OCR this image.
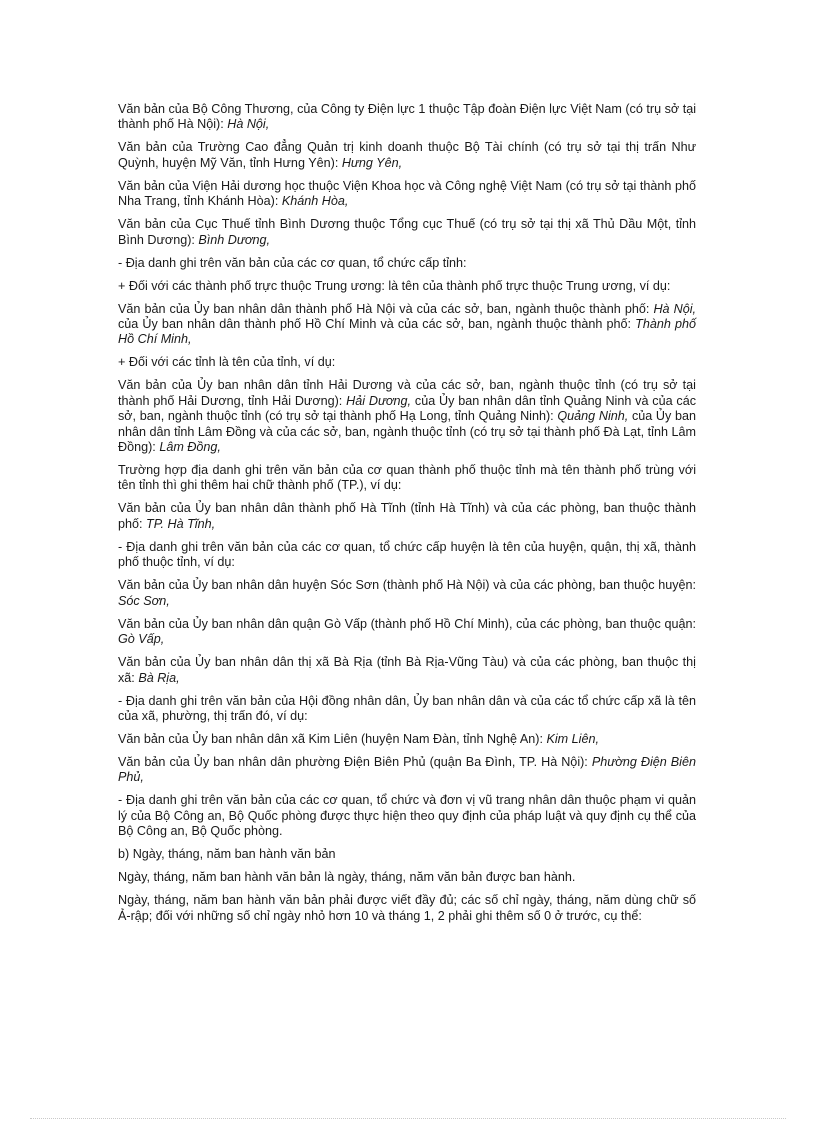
Văn bản của Bộ Công Thương, của Công ty Điện lực 1 thuộc Tập đoàn Điện lực Việt Nam (có trụ sở tại thành phố Hà Nội): Hà Nội,

Văn bản của Trường Cao đẳng Quản trị kinh doanh thuộc Bộ Tài chính (có trụ sở tại thị trấn Như Quỳnh, huyện Mỹ Văn, tỉnh Hưng Yên): Hưng Yên,

Văn bản của Viện Hải dương học thuộc Viện Khoa học và Công nghệ Việt Nam (có trụ sở tại thành phố Nha Trang, tỉnh Khánh Hòa): Khánh Hòa,

Văn bản của Cục Thuế tỉnh Bình Dương thuộc Tổng cục Thuế (có trụ sở tại thị xã Thủ Dầu Một, tỉnh Bình Dương): Bình Dương,

- Địa danh ghi trên văn bản của các cơ quan, tổ chức cấp tỉnh:

+ Đối với các thành phố trực thuộc Trung ương: là tên của thành phố trực thuộc Trung ương, ví dụ:

Văn bản của Ủy ban nhân dân thành phố Hà Nội và của các sở, ban, ngành thuộc thành phố: Hà Nội, của Ủy ban nhân dân thành phố Hồ Chí Minh và của các sở, ban, ngành thuộc thành phố: Thành phố Hồ Chí Minh,

+ Đối với các tỉnh là tên của tỉnh, ví dụ:

Văn bản của Ủy ban nhân dân tỉnh Hải Dương và của các sở, ban, ngành thuộc tỉnh (có trụ sở tại thành phố Hải Dương, tỉnh Hải Dương): Hải Dương, của Ủy ban nhân dân tỉnh Quảng Ninh và của các sở, ban, ngành thuộc tỉnh (có trụ sở tại thành phố Hạ Long, tỉnh Quảng Ninh): Quảng Ninh, của Ủy ban nhân dân tỉnh Lâm Đồng và của các sở, ban, ngành thuộc tỉnh (có trụ sở tại thành phố Đà Lạt, tỉnh Lâm Đồng): Lâm Đồng,

Trường hợp địa danh ghi trên văn bản của cơ quan thành phố thuộc tỉnh mà tên thành phố trùng với tên tỉnh thì ghi thêm hai chữ thành phố (TP.), ví dụ:

Văn bản của Ủy ban nhân dân thành phố Hà Tĩnh (tỉnh Hà Tĩnh) và của các phòng, ban thuộc thành phố: TP. Hà Tĩnh,

- Địa danh ghi trên văn bản của các cơ quan, tổ chức cấp huyện là tên của huyện, quận, thị xã, thành phố thuộc tỉnh, ví dụ:

Văn bản của Ủy ban nhân dân huyện Sóc Sơn (thành phố Hà Nội) và của các phòng, ban thuộc huyện: Sóc Sơn,

Văn bản của Ủy ban nhân dân quận Gò Vấp (thành phố Hồ Chí Minh), của các phòng, ban thuộc quận: Gò Vấp,

Văn bản của Ủy ban nhân dân thị xã Bà Rịa (tỉnh Bà Rịa-Vũng Tàu) và của các phòng, ban thuộc thị xã: Bà Rịa,

- Địa danh ghi trên văn bản của Hội đồng nhân dân, Ủy ban nhân dân và của các tổ chức cấp xã là tên của xã, phường, thị trấn đó, ví dụ:

Văn bản của Ủy ban nhân dân xã Kim Liên (huyện Nam Đàn, tỉnh Nghệ An): Kim Liên,

Văn bản của Ủy ban nhân dân phường Điện Biên Phủ (quận Ba Đình, TP. Hà Nội): Phường Điện Biên Phủ,

- Địa danh ghi trên văn bản của các cơ quan, tổ chức và đơn vị vũ trang nhân dân thuộc phạm vi quản lý của Bộ Công an, Bộ Quốc phòng được thực hiện theo quy định của pháp luật và quy định cụ thể của Bộ Công an, Bộ Quốc phòng.

b) Ngày, tháng, năm ban hành văn bản

Ngày, tháng, năm ban hành văn bản là ngày, tháng, năm văn bản được ban hành.

Ngày, tháng, năm ban hành văn bản phải được viết đầy đủ; các số chỉ ngày, tháng, năm dùng chữ số Ả-rập; đối với những số chỉ ngày nhỏ hơn 10 và tháng 1, 2 phải ghi thêm số 0 ở trước, cụ thể:
